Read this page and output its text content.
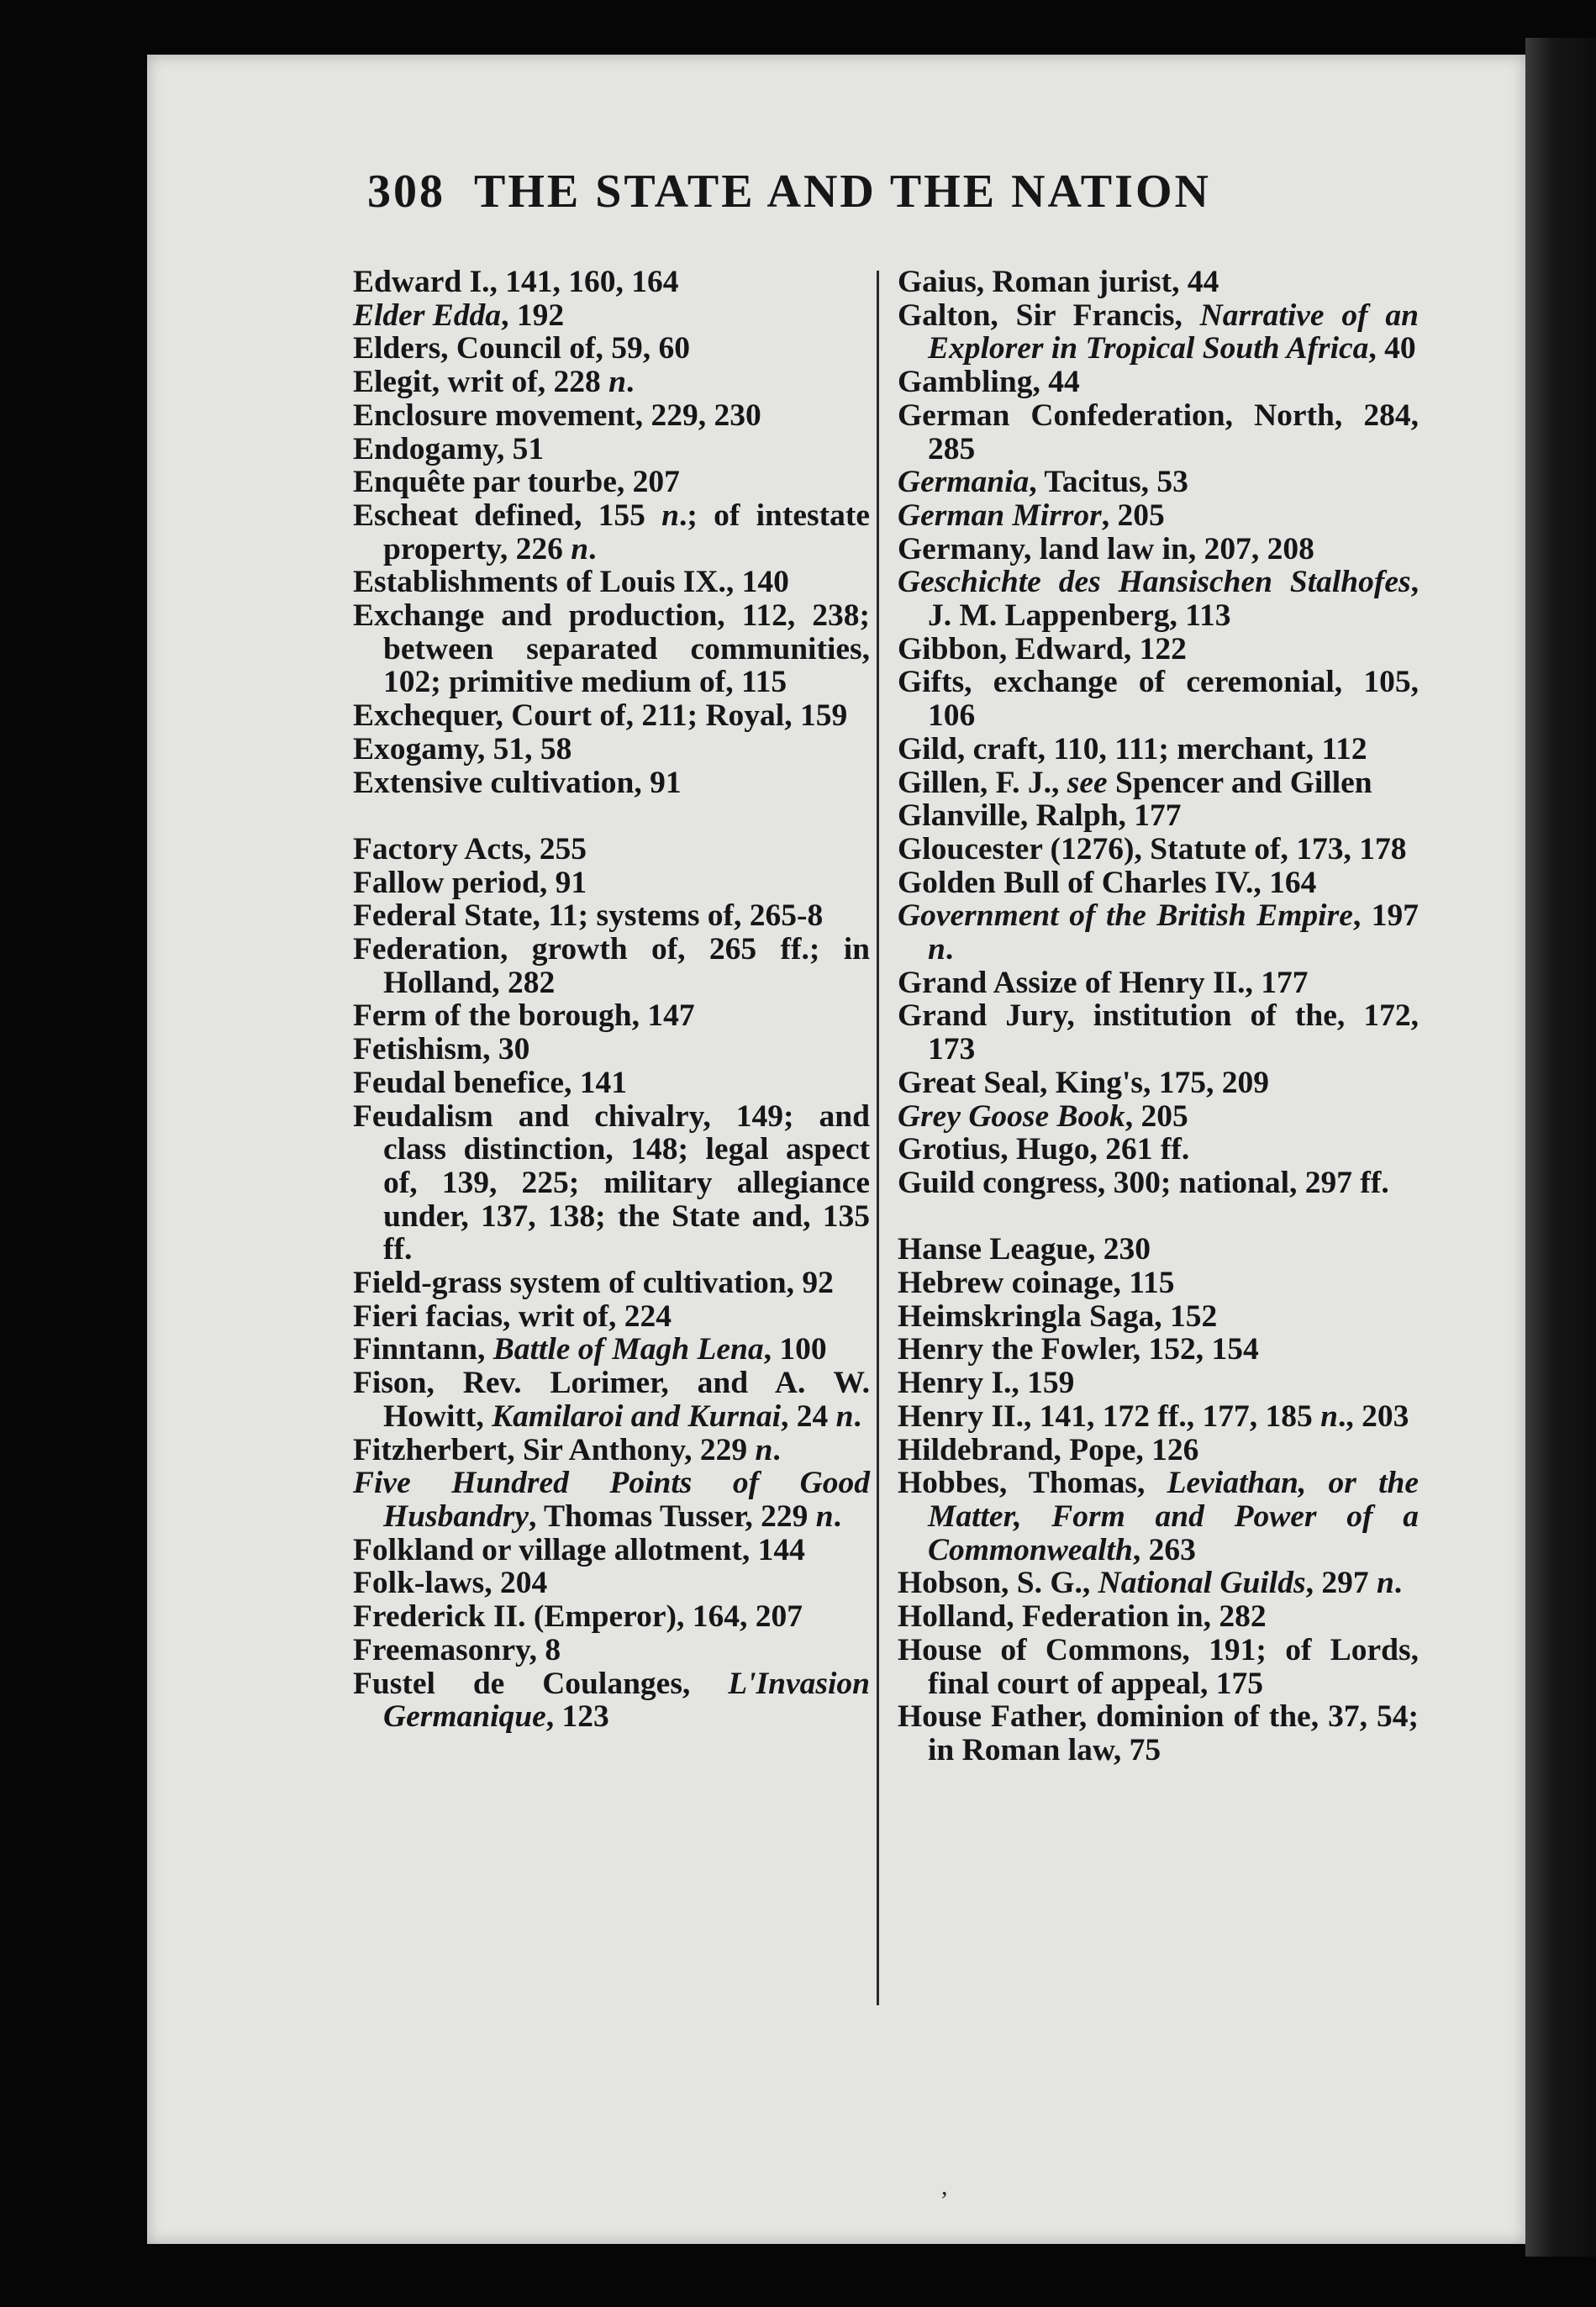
308 THE STATE AND THE NATION

Edward I., 141, 160, 164

Elder Edda, 192

Elders, Council of, 59, 60

Elegit, writ of, 228 n.

Enclosure movement, 229, 230

Endogamy, 51

Enquête par tourbe, 207

Escheat defined, 155 n.; of intestate property, 226 n.

Establishments of Louis IX., 140

Exchange and production, 112, 238; between separated communities, 102; primitive medium of, 115

Exchequer, Court of, 211; Royal, 159

Exogamy, 51, 58

Extensive cultivation, 91

Factory Acts, 255

Fallow period, 91

Federal State, 11; systems of, 265-8

Federation, growth of, 265 ff.; in Holland, 282

Ferm of the borough, 147

Fetishism, 30

Feudal benefice, 141

Feudalism and chivalry, 149; and class distinction, 148; legal aspect of, 139, 225; military allegiance under, 137, 138; the State and, 135 ff.

Field-grass system of cultivation, 92

Fieri facias, writ of, 224

Finntann, Battle of Magh Lena, 100

Fison, Rev. Lorimer, and A. W. Howitt, Kamilaroi and Kurnai, 24 n.

Fitzherbert, Sir Anthony, 229 n.

Five Hundred Points of Good Husbandry, Thomas Tusser, 229 n.

Folkland or village allotment, 144

Folk-laws, 204

Frederick II. (Emperor), 164, 207

Freemasonry, 8

Fustel de Coulanges, L'Invasion Germanique, 123

Gaius, Roman jurist, 44

Galton, Sir Francis, Narrative of an Explorer in Tropical South Africa, 40

Gambling, 44

German Confederation, North, 284, 285

Germania, Tacitus, 53

German Mirror, 205

Germany, land law in, 207, 208

Geschichte des Hansischen Stalhofes, J. M. Lappenberg, 113

Gibbon, Edward, 122

Gifts, exchange of ceremonial, 105, 106

Gild, craft, 110, 111; merchant, 112

Gillen, F. J., see Spencer and Gillen

Glanville, Ralph, 177

Gloucester (1276), Statute of, 173, 178

Golden Bull of Charles IV., 164

Government of the British Empire, 197 n.

Grand Assize of Henry II., 177

Grand Jury, institution of the, 172, 173

Great Seal, King's, 175, 209

Grey Goose Book, 205

Grotius, Hugo, 261 ff.

Guild congress, 300; national, 297 ff.

Hanse League, 230

Hebrew coinage, 115

Heimskringla Saga, 152

Henry the Fowler, 152, 154

Henry I., 159

Henry II., 141, 172 ff., 177, 185 n., 203

Hildebrand, Pope, 126

Hobbes, Thomas, Leviathan, or the Matter, Form and Power of a Commonwealth, 263

Hobson, S. G., National Guilds, 297 n.

Holland, Federation in, 282

House of Commons, 191; of Lords, final court of appeal, 175

House Father, dominion of the, 37, 54; in Roman law, 75

,
